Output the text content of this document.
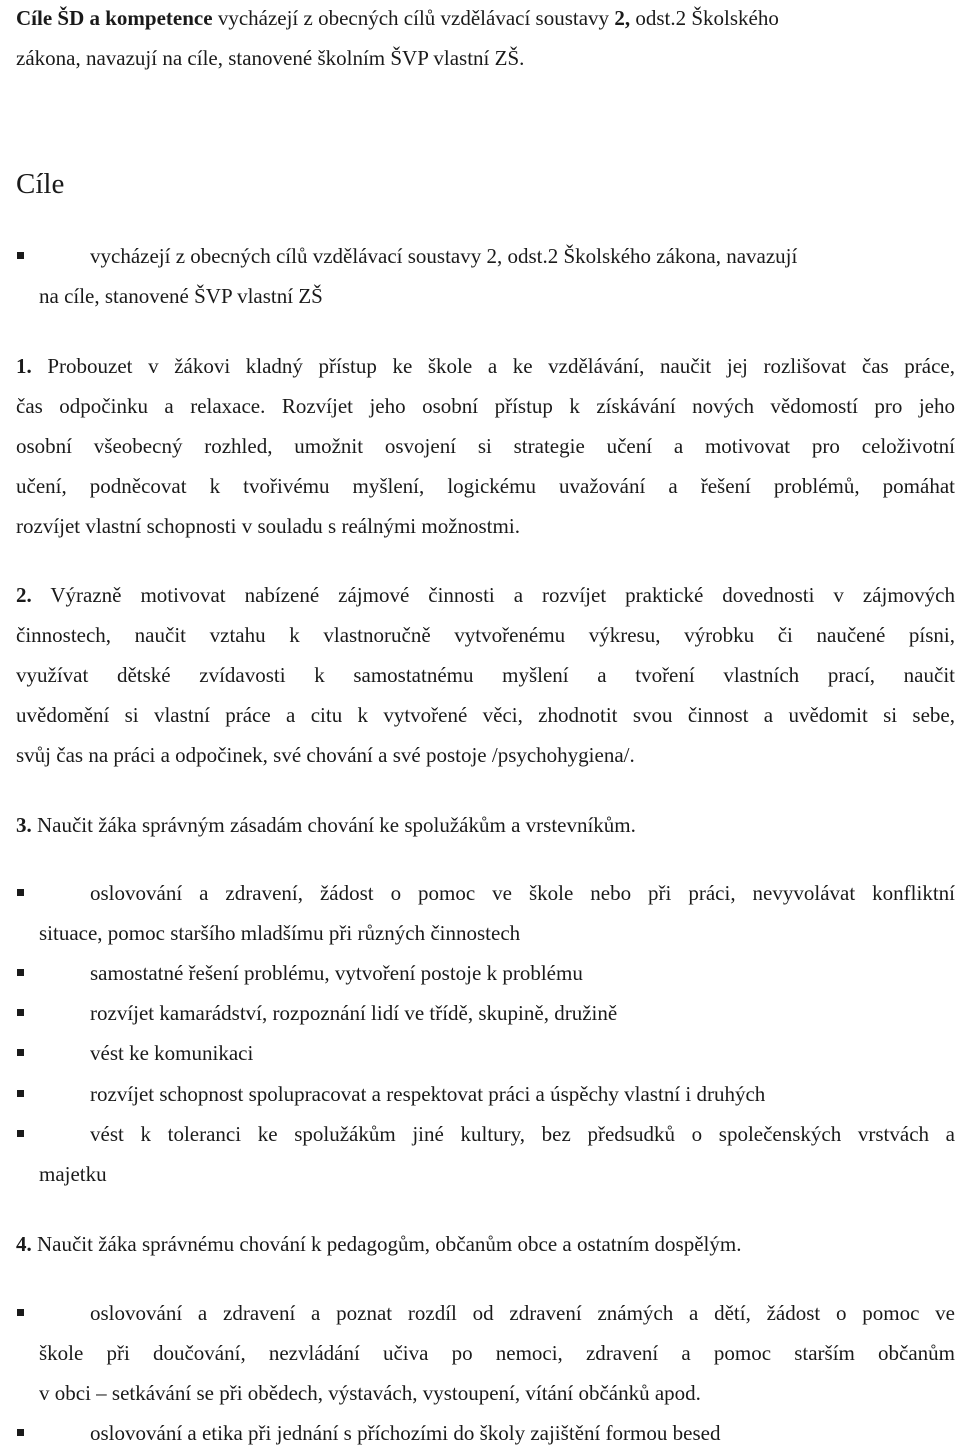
Cíle ŠD a kompetence vycházejí z obecných cílů vzdělávací soustavy 2, odst.2 Školského
zákona, navazují na cíle, stanovené školním ŠVP vlastní ZŠ.
Cíle
vycházejí z obecných cílů vzdělávací soustavy 2, odst.2 Školského zákona, navazují
na cíle, stanovené ŠVP vlastní ZŠ
1. Probouzet v žákovi kladný přístup ke škole a ke vzdělávání, naučit jej rozlišovat čas práce,
čas odpočinku a relaxace. Rozvíjet jeho osobní přístup k získávání nových vědomostí pro jeho
osobní všeobecný rozhled, umožnit osvojení si strategie učení a motivovat pro celoživotní
učení, podněcovat k tvořivému myšlení, logickému uvažování a řešení problémů, pomáhat
rozvíjet vlastní schopnosti v souladu s reálnými možnostmi.
2. Výrazně motivovat nabízené zájmové činnosti a rozvíjet praktické dovednosti v zájmových
činnostech, naučit vztahu k vlastnoručně vytvořenému výkresu, výrobku či naučené písni,
využívat dětské zvídavosti k samostatnému myšlení a tvoření vlastních prací, naučit
uvědomění si vlastní práce a citu k vytvořené věci, zhodnotit svou činnost a uvědomit si sebe,
svůj čas na práci a odpočinek, své chování a své postoje /psychohygiena/.
3. Naučit žáka správným zásadám chování ke spolužákům a vrstevníkům.
oslovování a zdravení, žádost o pomoc ve škole nebo při práci, nevyvolávat konfliktní
situace, pomoc staršího mladšímu při různých činnostech
samostatné řešení problému, vytvoření postoje k problému
rozvíjet kamarádství, rozpoznání lidí ve třídě, skupině, družině
vést ke komunikaci
rozvíjet schopnost spolupracovat a respektovat práci a úspěchy vlastní i druhých
vést k toleranci ke spolužákům jiné kultury, bez předsudků o společenských vrstvách a
majetku
4. Naučit žáka správnému chování k pedagogům, občanům obce a ostatním dospělým.
oslovování a zdravení a poznat rozdíl od zdravení známých a dětí, žádost o pomoc ve
škole při doučování, nezvládání učiva po nemoci, zdravení a pomoc starším občanům
v obci – setkávání se při obědech, výstavách, vystoupení, vítání občánků apod.
oslovování a etika při jednání s příchozími do školy zajištění formou besed
